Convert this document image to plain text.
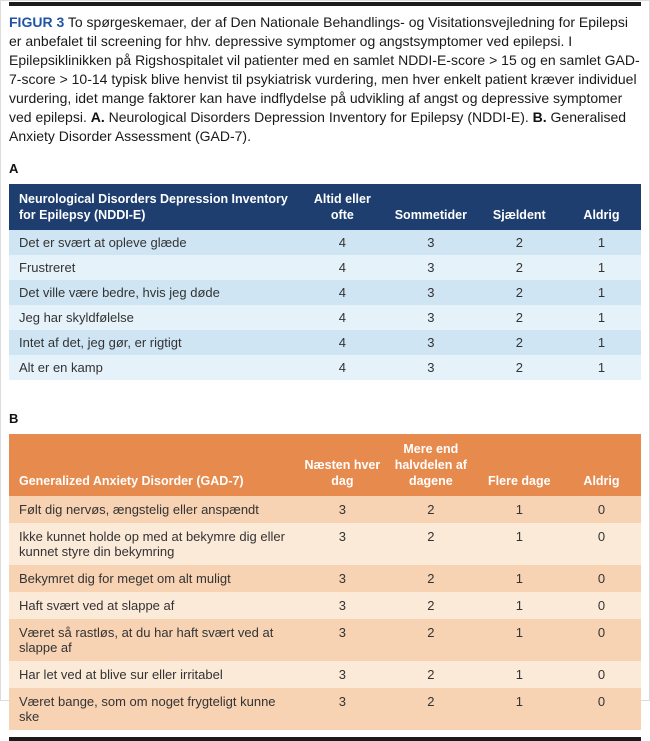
FIGUR 3 To spørgeskemaer, der af Den Nationale Behandlings- og Visitationsvejledning for Epilepsi er anbefalet til screening for hhv. depressive symptomer og angstsymptomer ved epilepsi. I Epilepsiklinikken på Rigshospitalet vil patienter med en samlet NDDI-E-score > 15 og en samlet GAD-7-score > 10-14 typisk blive henvist til psykiatrisk vurdering, men hver enkelt patient kræver individuel vurdering, idet mange faktorer kan have indflydelse på udvikling af angst og depressive symptomer ved epilepsi. A. Neurological Disorders Depression Inventory for Epilepsy (NDDI-E). B. Generalised Anxiety Disorder Assessment (GAD-7).

A
Neurological Disorders Depression Inventory for Epilepsy (NDDI-E)	Altid eller ofte	Sommetider	Sjældent	Aldrig
Det er svært at opleve glæde	4	3	2	1
Frustreret	4	3	2	1
Det ville være bedre, hvis jeg døde	4	3	2	1
Jeg har skyldfølelse	4	3	2	1
Intet af det, jeg gør, er rigtigt	4	3	2	1
Alt er en kamp	4	3	2	1
B
Generalized Anxiety Disorder (GAD-7)	Næsten hver dag	Mere end halvdelen af dagene	Flere dage	Aldrig
Følt dig nervøs, ængstelig eller anspændt	3	2	1	0
Ikke kunnet holde op med at bekymre dig eller kunnet styre din bekymring	3	2	1	0
Bekymret dig for meget om alt muligt	3	2	1	0
Haft svært ved at slappe af	3	2	1	0
Været så rastløs, at du har haft svært ved at slappe af	3	2	1	0
Har let ved at blive sur eller irritabel	3	2	1	0
Været bange, som om noget frygteligt kunne ske	3	2	1	0
